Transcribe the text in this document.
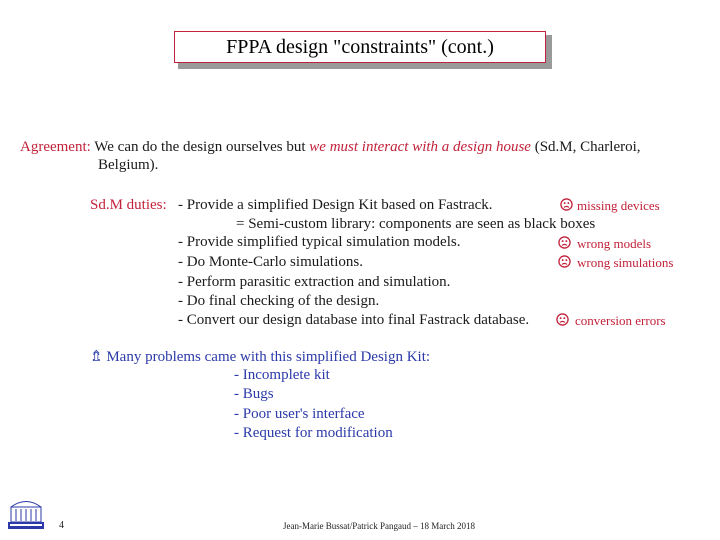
FPPA design "constraints" (cont.)
Agreement: We can do the design ourselves but we must interact with a design house (Sd.M, Charleroi,
Belgium).
Sd.M duties: - Provide a simplified Design Kit based on Fastrack.
= Semi-custom library: components are seen as black boxes
- Provide simplified typical simulation models.
- Do Monte-Carlo simulations.
- Perform parasitic extraction and simulation.
- Do final checking of the design.
- Convert our design database into final Fastrack database.
missing devices
wrong models
wrong simulations
conversion errors
⇯ Many problems came with this simplified Design Kit:
- Incomplete kit
- Bugs
- Poor user's interface
- Request for modification
4	Jean-Marie Bussat/Patrick Pangaud – 18 March 2018
